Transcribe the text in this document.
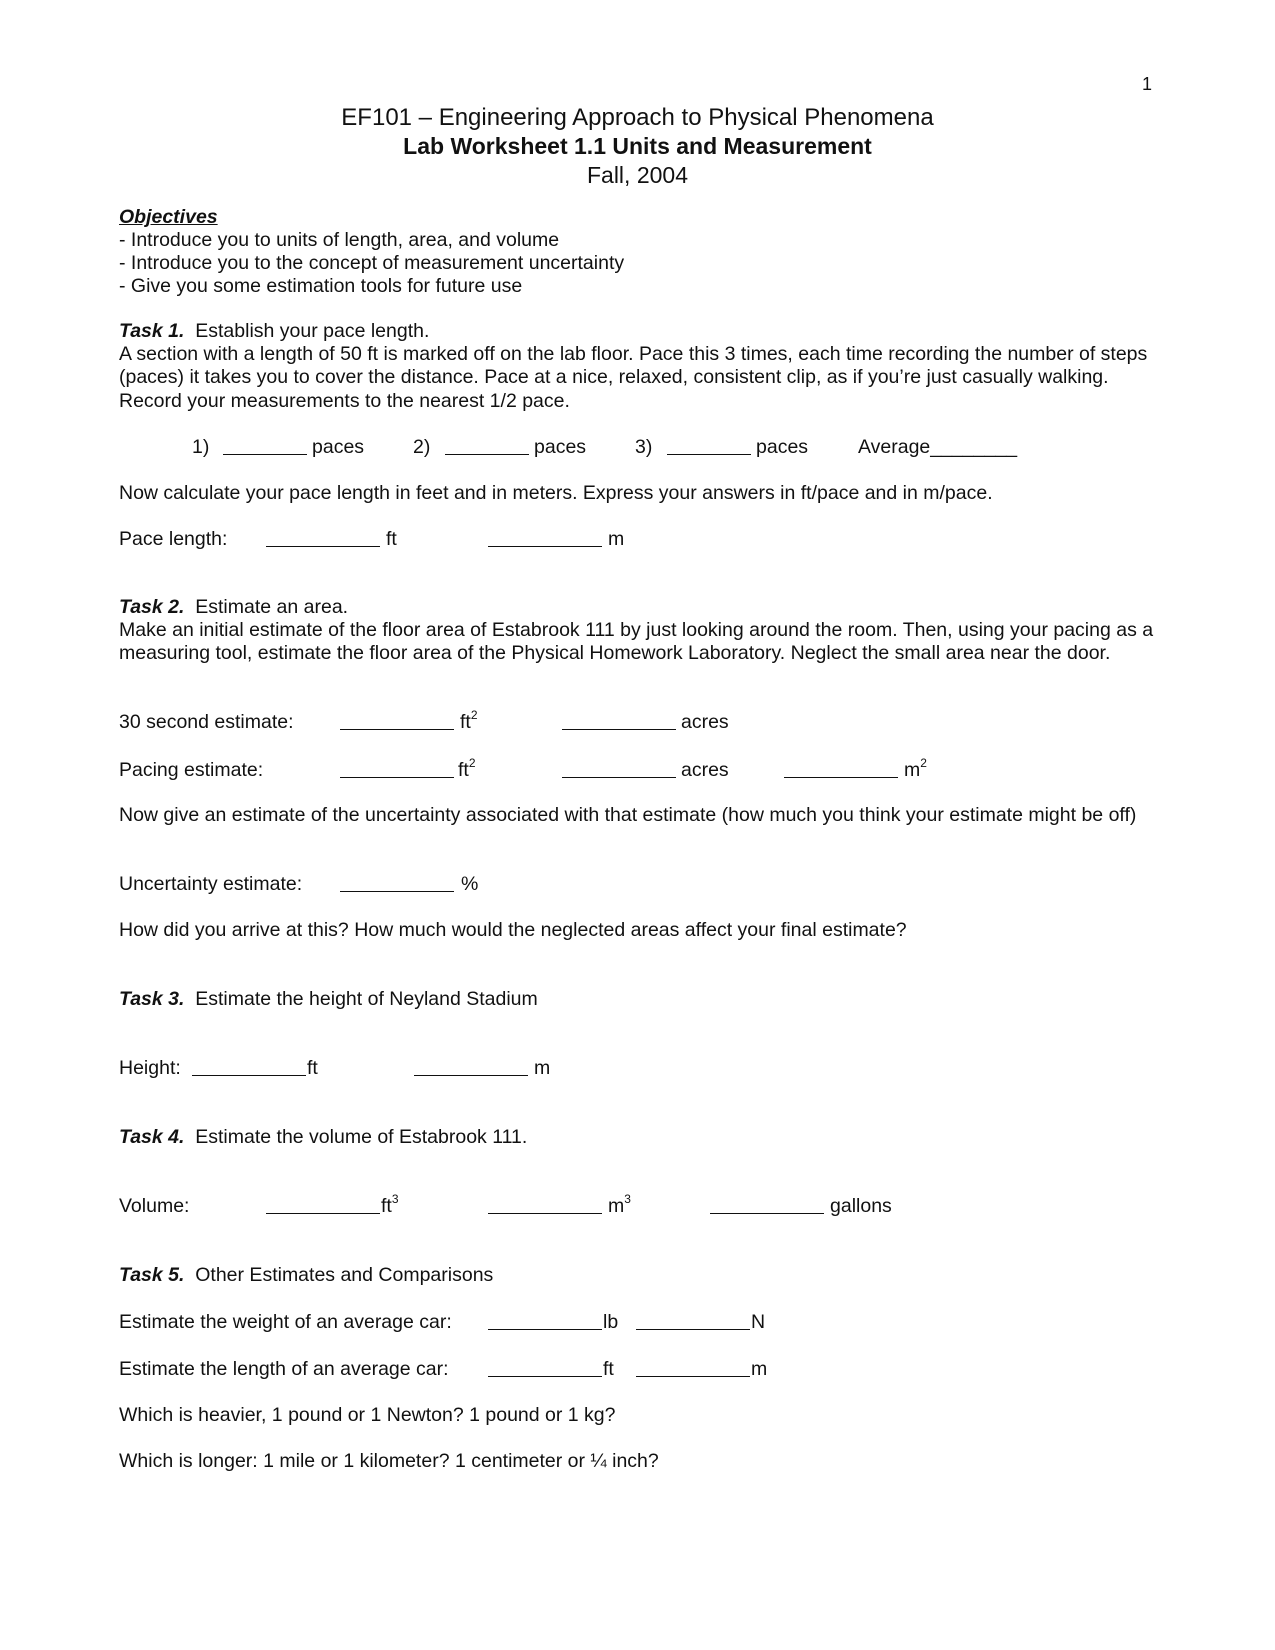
1
EF101 – Engineering Approach to Physical Phenomena
Lab Worksheet 1.1 Units and Measurement
Fall, 2004
Objectives
- Introduce you to units of length, area, and volume
- Introduce you to the concept of measurement uncertainty
- Give you some estimation tools for future use
Task 1. Establish your pace length.
A section with a length of 50 ft is marked off on the lab floor. Pace this 3 times, each time recording the number of steps (paces) it takes you to cover the distance. Pace at a nice, relaxed, consistent clip, as if you’re just casually walking. Record your measurements to the nearest 1/2 pace.
1)	paces	2)	paces	3)	paces	Average________
Now calculate your pace length in feet and in meters. Express your answers in ft/pace and in m/pace.
Pace length:	ft	m
Task 2. Estimate an area.
Make an initial estimate of the floor area of Estabrook 111 by just looking around the room. Then, using your pacing as a measuring tool, estimate the floor area of the Physical Homework Laboratory. Neglect the small area near the door.
30 second estimate:	$ft^2$	acres
Pacing estimate:	$ft^2$	acres	$m^2$
Now give an estimate of the uncertainty associated with that estimate (how much you think your estimate might be off)
Uncertainty estimate:	%
How did you arrive at this? How much would the neglected areas affect your final estimate?
Task 3. Estimate the height of Neyland Stadium
Height:	ft	m
Task 4. Estimate the volume of Estabrook 111.
Volume:	$ft^3$	$m^3$	gallons
Task 5. Other Estimates and Comparisons
Estimate the weight of an average car:	lb	N
Estimate the length of an average car:	ft	m
Which is heavier, 1 pound or 1 Newton? 1 pound or 1 kg?
Which is longer: 1 mile or 1 kilometer? 1 centimeter or ¼ inch?
